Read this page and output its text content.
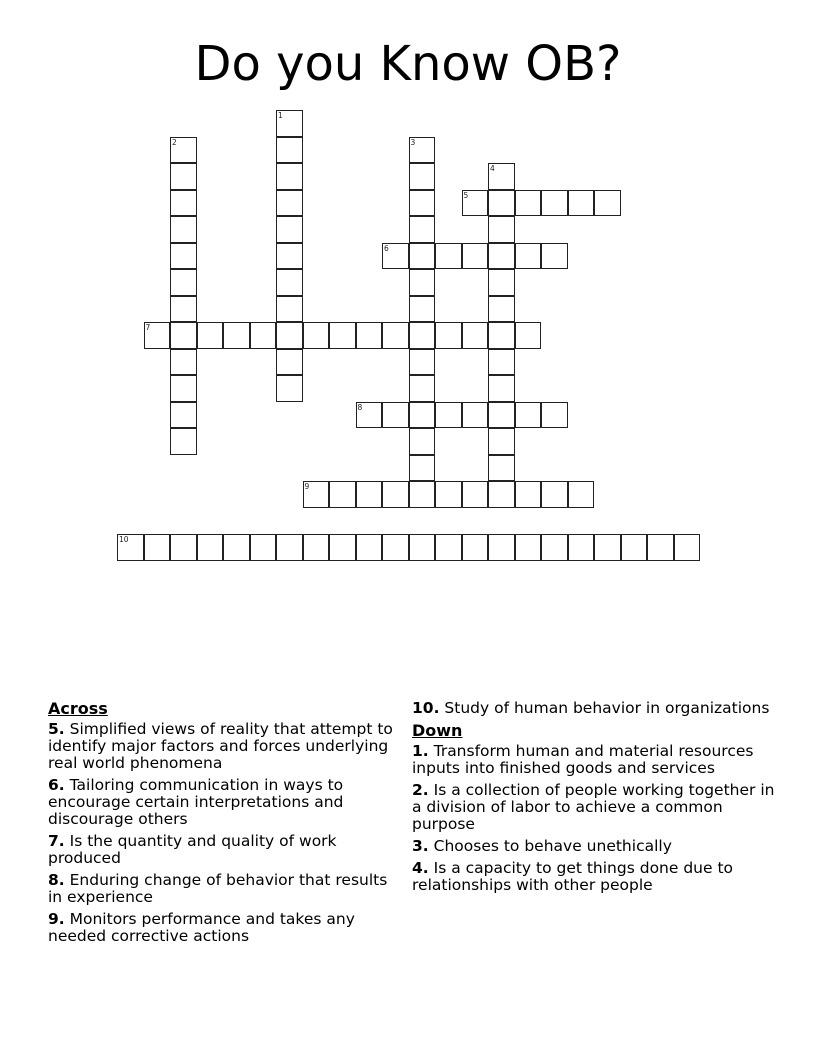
Do you Know OB?
1
2	3
4
5
6
7
8
9
10
Across
5. Simplified views of reality that attempt to identify major factors and forces underlying real world phenomena
6. Tailoring communication in ways to encourage certain interpretations and discourage others
7. Is the quantity and quality of work produced
8. Enduring change of behavior that results in experience
9. Monitors performance and takes any needed corrective actions
10. Study of human behavior in organizations
Down
1. Transform human and material resources inputs into finished goods and services
2. Is a collection of people working together in a division of labor to achieve a common purpose
3. Chooses to behave unethically
4. Is a capacity to get things done due to relationships with other people
